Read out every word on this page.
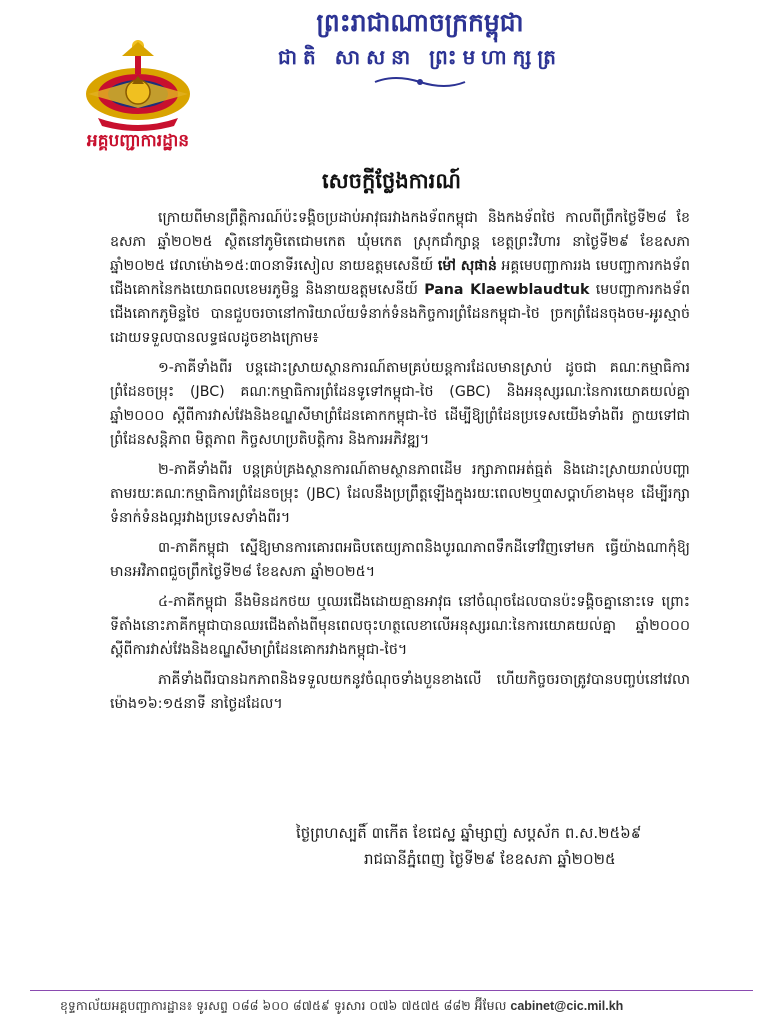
អគ្គបញ្ជាការដ្ឋាន
ព្រះរាជាណាចក្រកម្ពុជា
ជាតិ សាសនា ព្រះមហាក្សត្រ
សេចក្តីថ្លែងការណ៍

ក្រោយពីមានព្រឹត្តិការណ៍ប៉ះទង្គិចប្រដាប់អាវុធរវាងកងទ័ពកម្ពុជា និងកងទ័ពថៃ កាលពីព្រឹកថ្ងៃទី២៨ ខែឧសភា ឆ្នាំ២០២៥ ស្ថិតនៅភូមិតេជោមកេត ឃុំមកេត ស្រុកជាំក្សាន្ត ខេត្តព្រះវិហារ នាថ្ងៃទី២៩ ខែឧសភា ឆ្នាំ២០២៥ វេលាម៉ោង១៥:៣០នាទីរសៀល នាយឧត្តមសេនីយ៍ ម៉ៅ សុផាន់ អគ្គមេបញ្ជាការរង មេបញ្ជាការកងទ័ពជើងគោកនៃកងយោធពលខេមរភូមិន្ទ និងនាយឧត្តមសេនីយ៍ Pana Klaewblaudtuk មេបញ្ជាការកងទ័ពជើងគោកភូមិន្ទថៃ បានជួបចរចានៅការិយាល័យទំនាក់ទំនងកិច្ចការព្រំដែនកម្ពុជា-ថៃ ច្រកព្រំដែនចុងចម-អូរស្មាច់ ដោយទទួលបានលទ្ធផលដូចខាងក្រោម៖

១-ភាគីទាំងពីរ បន្តដោះស្រាយស្ថានការណ៍តាមគ្រប់យន្តការដែលមានស្រាប់ ដូចជា គណៈកម្មាធិការព្រំដែនចម្រុះ (JBC) គណៈកម្មាធិការព្រំដែនទូទៅកម្ពុជា-ថៃ (GBC) និងអនុស្សរណៈនៃការយោគយល់គ្នា ឆ្នាំ២០០០ ស្តីពីការវាស់វែងនិងខណ្ឌសីមាព្រំដែនគោកកម្ពុជា-ថៃ ដើម្បីឱ្យព្រំដែនប្រទេសយើងទាំងពីរ ក្លាយទៅជាព្រំដែនសន្តិភាព មិត្តភាព កិច្ចសហប្រតិបត្តិការ និងការអភិវឌ្ឍ។

២-ភាគីទាំងពីរ បន្តគ្រប់គ្រងស្ថានការណ៍តាមស្ថានភាពដើម រក្សាភាពអត់ធ្មត់ និងដោះស្រាយរាល់បញ្ហាតាមរយៈគណៈកម្មាធិការព្រំដែនចម្រុះ (JBC) ដែលនឹងប្រព្រឹត្តឡើងក្នុងរយៈពេល២ឬ៣សប្តាហ៍ខាងមុខ ដើម្បីរក្សាទំនាក់ទំនងល្អរវាងប្រទេសទាំងពីរ។

៣-ភាគីកម្ពុជា ស្នើឱ្យមានការគោរពអធិបតេយ្យភាពនិងបូរណភាពទឹកដីទៅវិញទៅមក ធ្វើយ៉ាងណាកុំឱ្យមានអវិភាពជួចព្រឹកថ្ងៃទី២៨ ខែឧសភា ឆ្នាំ២០២៥។

៤-ភាគីកម្ពុជា នឹងមិនដកថយ ឬឈរជើងដោយគ្មានអាវុធ នៅចំណុចដែលបានប៉ះទង្គិចគ្នានោះទេ ព្រោះទីតាំងនោះភាគីកម្ពុជាបានឈរជើងតាំងពីមុនពេលចុះហត្ថលេខាលើអនុស្សរណៈនៃការយោគយល់គ្នា ឆ្នាំ២០០០ ស្តីពីការវាស់វែងនិងខណ្ឌសីមាព្រំដែនគោករវាងកម្ពុជា-ថៃ។

ភាគីទាំងពីរបានឯកភាពនិងទទួលយកនូវចំណុចទាំងបួនខាងលើ ហើយកិច្ចចរចាត្រូវបានបញ្ចប់នៅវេលាម៉ោង១៦:១៥នាទី នាថ្ងៃដដែល។

ថ្ងៃព្រហស្បតិ៍ ៣កើត ខែជេស្ឋ ឆ្នាំម្សាញ់ សប្តស័ក ព.ស.២៥៦៩
រាជធានីភ្នំពេញ ថ្ងៃទី២៩ ខែឧសភា ឆ្នាំ២០២៥
ខុទ្ទកាល័យអគ្គបញ្ជាការដ្ឋាន៖ ទូរសព្ទ ០៨៨ ៦០០ ៨៧៥៩ ទូរសារ ០៧៦ ៧៥៧៥ ៨៨២ អ៊ីមែល cabinet@cic.mil.kh
